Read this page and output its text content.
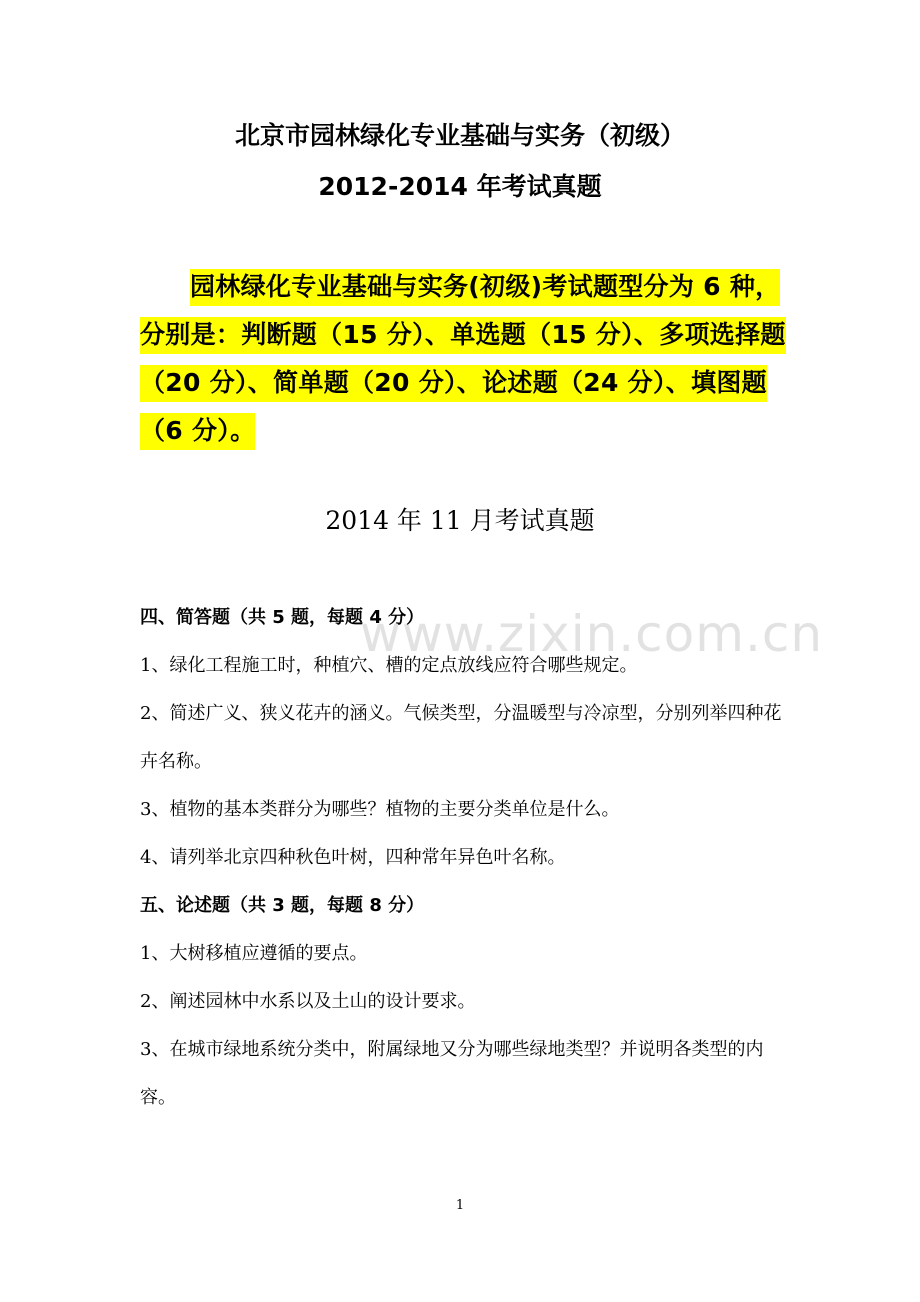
北京市园林绿化专业基础与实务（初级）
2012-2014 年考试真题
园林绿化专业基础与实务(初级)考试题型分为 6 种，分别是：判断题（15 分）、单选题（15 分）、多项选择题（20 分）、简单题（20 分）、论述题（24 分）、填图题（6 分）。
2014 年 11 月考试真题
www.zixin.com.cn
四、简答题（共 5 题，每题 4 分）
1、绿化工程施工时，种植穴、槽的定点放线应符合哪些规定。
2、简述广义、狭义花卉的涵义。气候类型，分温暖型与冷凉型，分别列举四种花卉名称。
3、植物的基本类群分为哪些？植物的主要分类单位是什么。
4、请列举北京四种秋色叶树，四种常年异色叶名称。
五、论述题（共 3 题，每题 8 分）
1、大树移植应遵循的要点。
2、阐述园林中水系以及土山的设计要求。
3、在城市绿地系统分类中，附属绿地又分为哪些绿地类型？并说明各类型的内容。
1
